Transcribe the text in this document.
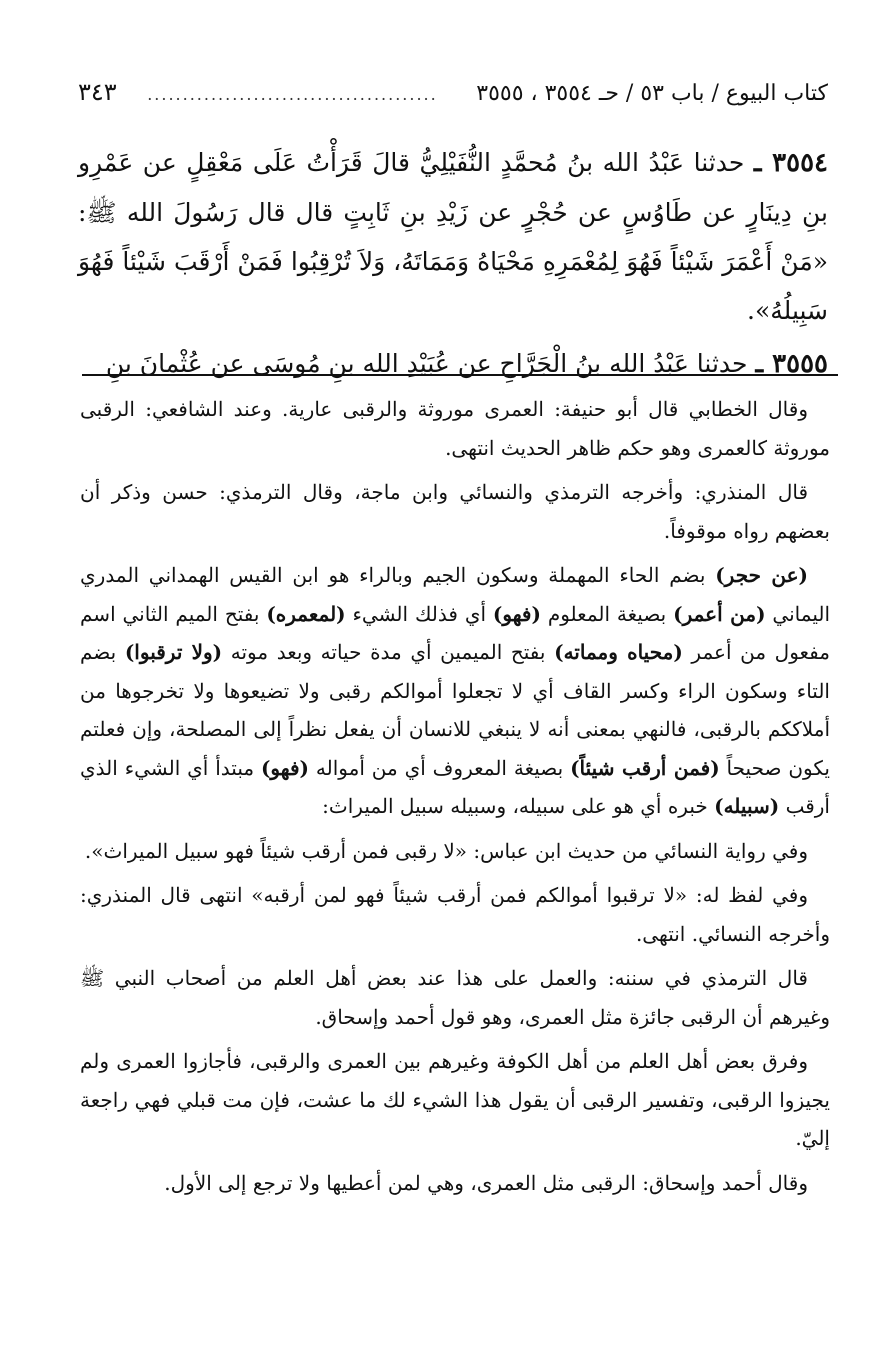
كتاب البيوع / باب ٥٣ / حـ ٣٥٥٤ ، ٣٥٥٥
.........................................
٣٤٣

٣٥٥٤ ـ حدثنا عَبْدُ الله بنُ مُحمَّدٍ النُّفَيْلِيُّ قالَ قَرَأْتُ عَلَى مَعْقِلٍ عن عَمْرِو بنِ دِينَارٍ عن طَاوُسٍ عن حُجْرٍ عن زَيْدِ بنِ ثَابِتٍ قال قال رَسُولَ الله ﷺ: «مَنْ أَعْمَرَ شَيْئاً فَهُوَ لِمُعْمَرِهِ مَحْيَاهُ وَمَمَاتَهُ، وَلاَ تُرْقِبُوا فَمَنْ أَرْقَبَ شَيْئاً فَهُوَ سَبِيلُهُ».

٣٥٥٥ ـ حدثنا عَبْدُ الله بنُ الْجَرَّاحِ عن عُبَيْدِ الله بنِ مُوسَى عن عُثْمانَ بنِ

وقال الخطابي قال أبو حنيفة: العمرى موروثة والرقبى عارية. وعند الشافعي: الرقبى موروثة كالعمرى وهو حكم ظاهر الحديث انتهى.

قال المنذري: وأخرجه الترمذي والنسائي وابن ماجة، وقال الترمذي: حسن وذكر أن بعضهم رواه موقوفاً.

(عن حجر) بضم الحاء المهملة وسكون الجيم وبالراء هو ابن القيس الهمداني المدري اليماني (من أعمر) بصيغة المعلوم (فهو) أي فذلك الشيء (لمعمره) بفتح الميم الثاني اسم مفعول من أعمر (محياه ومماته) بفتح الميمين أي مدة حياته وبعد موته (ولا ترقبوا) بضم التاء وسكون الراء وكسر القاف أي لا تجعلوا أموالكم رقبى ولا تضيعوها ولا تخرجوها من أملاككم بالرقبى، فالنهي بمعنى أنه لا ينبغي للانسان أن يفعل نظراً إلى المصلحة، وإن فعلتم يكون صحيحاً (فمن أرقب شيئاً) بصيغة المعروف أي من أمواله (فهو) مبتدأ أي الشيء الذي أرقب (سبيله) خبره أي هو على سبيله، وسبيله سبيل الميراث:

وفي رواية النسائي من حديث ابن عباس: «لا رقبى فمن أرقب شيئاً فهو سبيل الميراث».

وفي لفظ له: «لا ترقبوا أموالكم فمن أرقب شيئاً فهو لمن أرقبه» انتهى قال المنذري: وأخرجه النسائي. انتهى.

قال الترمذي في سننه: والعمل على هذا عند بعض أهل العلم من أصحاب النبي ﷺ وغيرهم أن الرقبى جائزة مثل العمرى، وهو قول أحمد وإسحاق.

وفرق بعض أهل العلم من أهل الكوفة وغيرهم بين العمرى والرقبى، فأجازوا العمرى ولم يجيزوا الرقبى، وتفسير الرقبى أن يقول هذا الشيء لك ما عشت، فإن مت قبلي فهي راجعة إليّ.

وقال أحمد وإسحاق: الرقبى مثل العمرى، وهي لمن أعطيها ولا ترجع إلى الأول.
